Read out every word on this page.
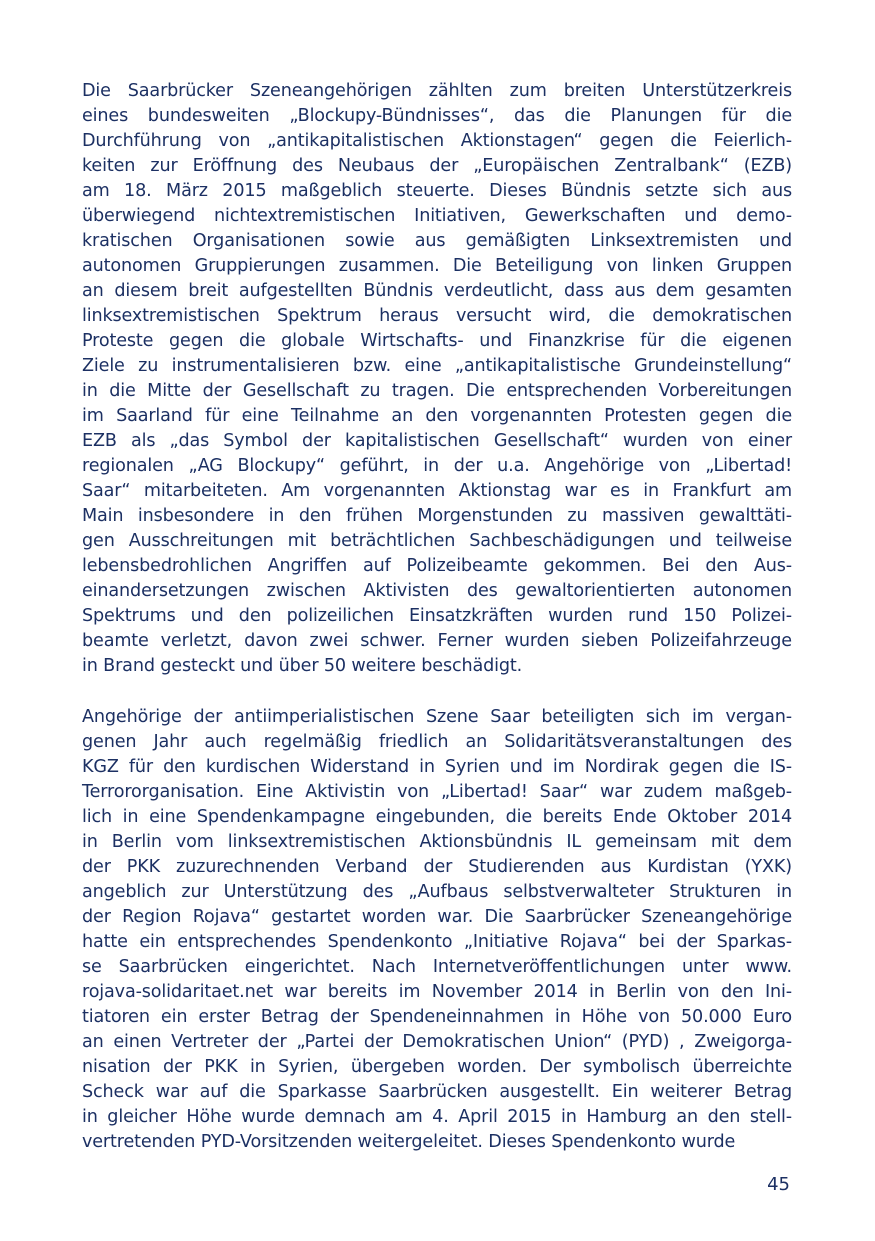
Die Saarbrücker Szeneangehörigen zählten zum breiten Unterstützerkreis
eines bundesweiten „Blockupy-Bündnisses“, das die Planungen für die
Durchführung von „antikapitalistischen Aktionstagen“ gegen die Feierlich-
keiten zur Eröffnung des Neubaus der „Europäischen Zentralbank“ (EZB)
am 18. März 2015 maßgeblich steuerte. Dieses Bündnis setzte sich aus
überwiegend nichtextremistischen Initiativen, Gewerkschaften und demo-
kratischen Organisationen sowie aus gemäßigten Linksextremisten und
autonomen Gruppierungen zusammen. Die Beteiligung von linken Gruppen
an diesem breit aufgestellten Bündnis verdeutlicht, dass aus dem gesamten
linksextremistischen Spektrum heraus versucht wird, die demokratischen
Proteste gegen die globale Wirtschafts- und Finanzkrise für die eigenen
Ziele zu instrumentalisieren bzw. eine „antikapitalistische Grundeinstellung“
in die Mitte der Gesellschaft zu tragen. Die entsprechenden Vorbereitungen
im Saarland für eine Teilnahme an den vorgenannten Protesten gegen die
EZB als „das Symbol der kapitalistischen Gesellschaft“ wurden von einer
regionalen „AG Blockupy“ geführt, in der u.a. Angehörige von „Libertad!
Saar“ mitarbeiteten. Am vorgenannten Aktionstag war es in Frankfurt am
Main insbesondere in den frühen Morgenstunden zu massiven gewalttäti-
gen Ausschreitungen mit beträchtlichen Sachbeschädigungen und teilweise
lebensbedrohlichen Angriffen auf Polizeibeamte gekommen. Bei den Aus-
einandersetzungen zwischen Aktivisten des gewaltorientierten autonomen
Spektrums und den polizeilichen Einsatzkräften wurden rund 150 Polizei-
beamte verletzt, davon zwei schwer. Ferner wurden sieben Polizeifahrzeuge
in Brand gesteckt und über 50 weitere beschädigt.
Angehörige der antiimperialistischen Szene Saar beteiligten sich im vergan-
genen Jahr auch regelmäßig friedlich an Solidaritätsveranstaltungen des
KGZ für den kurdischen Widerstand in Syrien und im Nordirak gegen die IS-
Terrororganisation. Eine Aktivistin von „Libertad! Saar“ war zudem maßgeb-
lich in eine Spendenkampagne eingebunden, die bereits Ende Oktober 2014
in Berlin vom linksextremistischen Aktionsbündnis IL gemeinsam mit dem
der PKK zuzurechnenden Verband der Studierenden aus Kurdistan (YXK)
angeblich zur Unterstützung des „Aufbaus selbstverwalteter Strukturen in
der Region Rojava“ gestartet worden war. Die Saarbrücker Szeneangehörige
hatte ein entsprechendes Spendenkonto „Initiative Rojava“ bei der Sparkas-
se Saarbrücken eingerichtet. Nach Internetveröffentlichungen unter www.
rojava-solidaritaet.net war bereits im November 2014 in Berlin von den Ini-
tiatoren ein erster Betrag der Spendeneinnahmen in Höhe von 50.000 Euro
an einen Vertreter der „Partei der Demokratischen Union“ (PYD) , Zweigorga-
nisation der PKK in Syrien, übergeben worden. Der symbolisch überreichte
Scheck war auf die Sparkasse Saarbrücken ausgestellt. Ein weiterer Betrag
in gleicher Höhe wurde demnach am 4. April 2015 in Hamburg an den stell-
vertretenden PYD-Vorsitzenden weitergeleitet. Dieses Spendenkonto wurde
45
